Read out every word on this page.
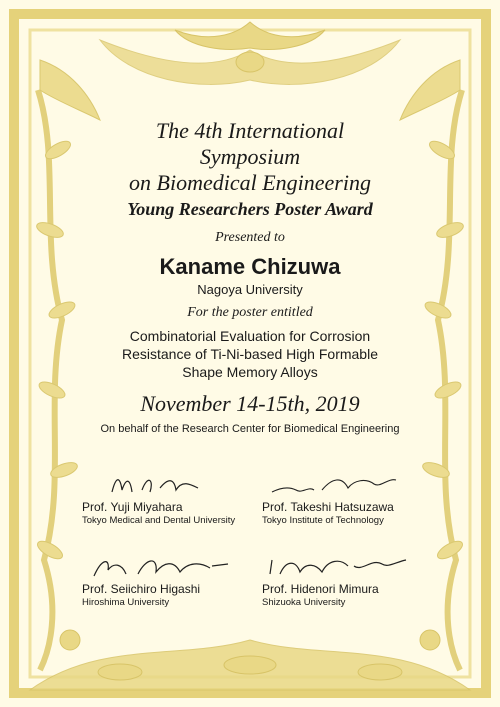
The 4th International

Symposium

on Biomedical Engineering

Young Researchers Poster Award
Presented to
Kaname Chizuwa
Nagoya University
For the poster entitled
Combinatorial Evaluation for Corrosion
Resistance of Ti-Ni-based High Formable
Shape Memory Alloys
November 14-15th, 2019
On behalf of the Research Center for Biomedical Engineering

Prof. Yuji Miyahara

Tokyo Medical and Dental University

Prof. Takeshi Hatsuzawa

Tokyo Institute of Technology

Prof. Seiichiro Higashi

Hiroshima University

Prof. Hidenori Mimura

Shizuoka University
